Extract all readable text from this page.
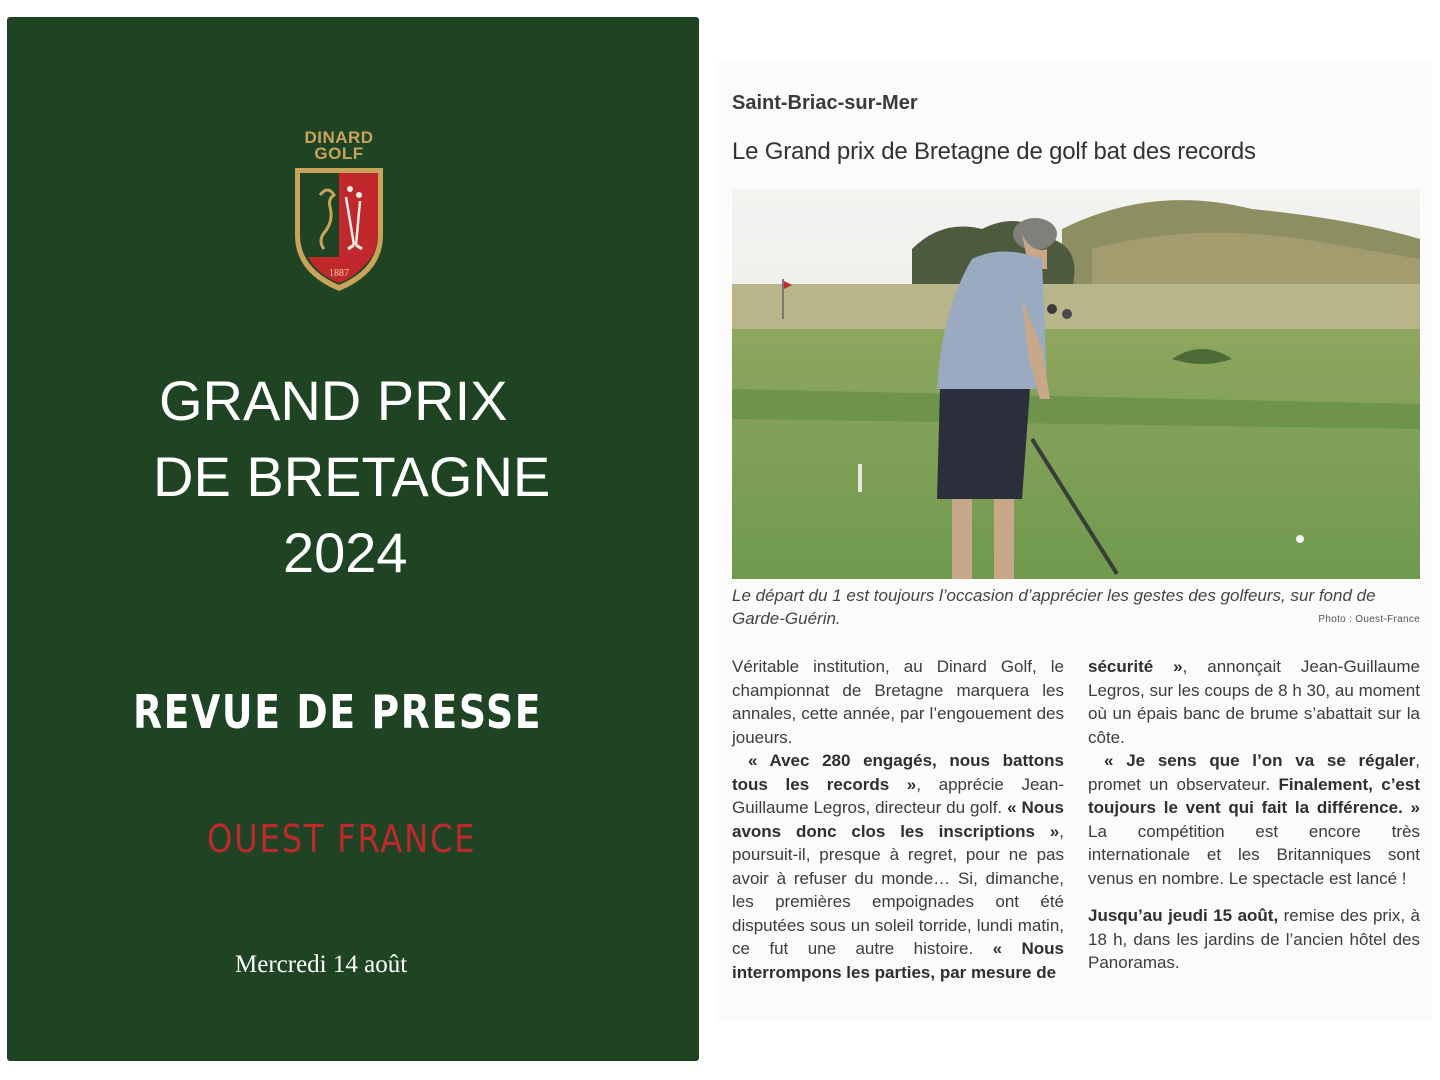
DINARD
GOLF
1887
GRAND PRIX
DE BRETAGNE
2024
REVUE DE PRESSE
OUEST FRANCE
Mercredi 14 août
Saint-Briac-sur-Mer
Le Grand prix de Bretagne de golf bat des records
Le départ du 1 est toujours l’occasion d’apprécier les gestes des golfeurs, sur fond de Garde-Guérin.	Photo : Ouest-France

Véritable institution, au Dinard Golf, le championnat de Bretagne marquera les annales, cette année, par l’engouement des joueurs.

« Avec 280 engagés, nous battons tous les records », apprécie Jean-Guillaume Legros, directeur du golf. « Nous avons donc clos les inscriptions », poursuit-il, presque à regret, pour ne pas avoir à refuser du monde… Si, dimanche, les premières empoignades ont été disputées sous un soleil torride, lundi matin, ce fut une autre histoire. « Nous interrompons les parties, par mesure de

sécurité », annonçait Jean-Guillaume Legros, sur les coups de 8 h 30, au moment où un épais banc de brume s’abattait sur la côte.

« Je sens que l’on va se régaler, promet un observateur. Finalement, c’est toujours le vent qui fait la différence. » La compétition est encore très internationale et les Britanniques sont venus en nombre. Le spectacle est lancé !

Jusqu’au jeudi 15 août, remise des prix, à 18 h, dans les jardins de l’ancien hôtel des Panoramas.
